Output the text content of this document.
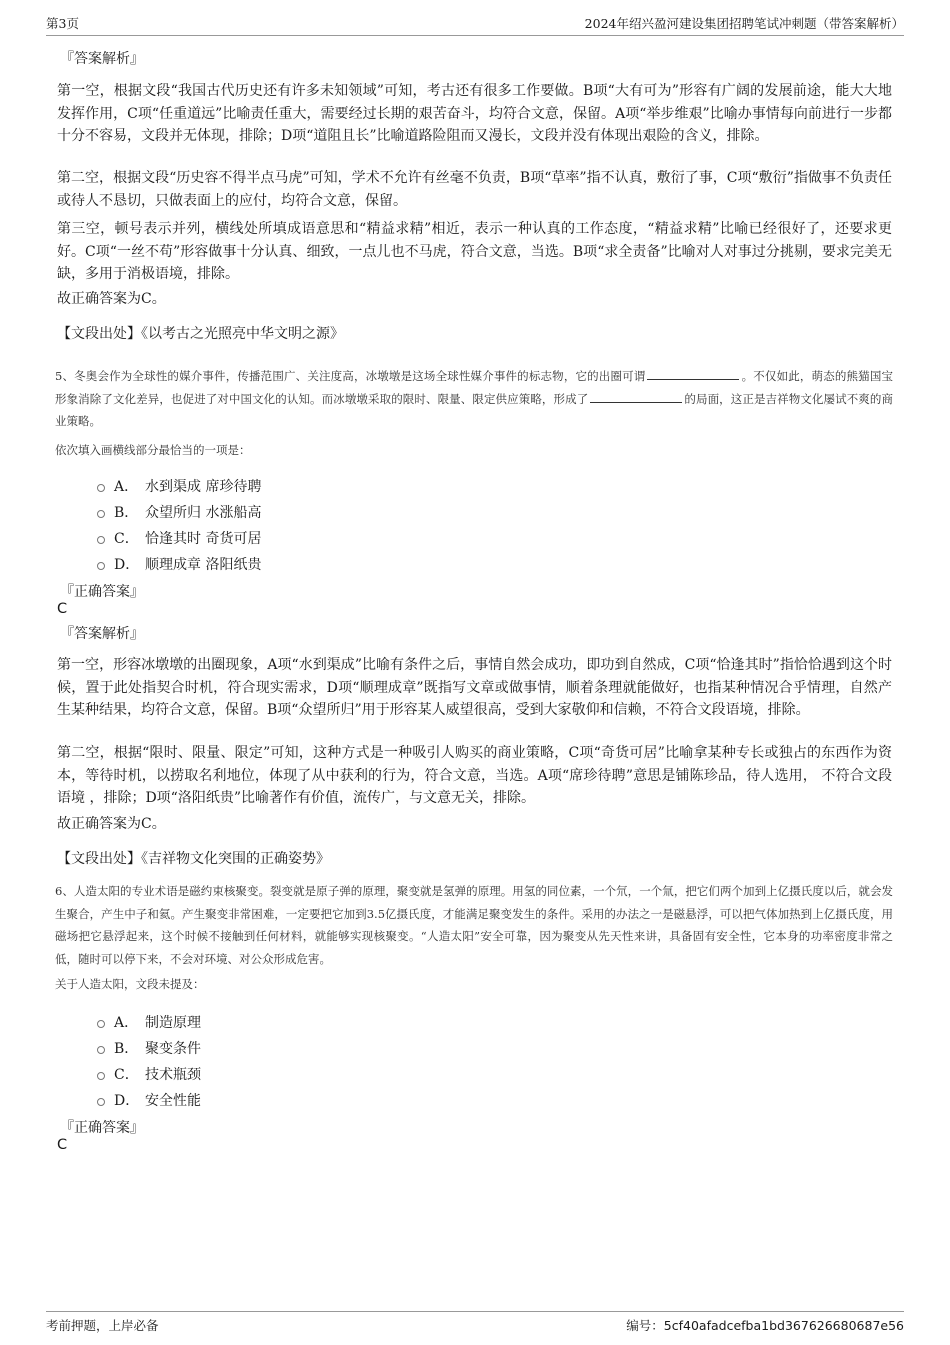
第3页	2024年绍兴盈河建设集团招聘笔试冲刺题（带答案解析）
『答案解析』

第一空，根据文段“我国古代历史还有许多未知领域”可知，考古还有很多工作要做。B项“大有可为”形容有广阔的发展前途，能大大地发挥作用，C项“任重道远”比喻责任重大，需要经过长期的艰苦奋斗，均符合文意，保留。A项“举步维艰”比喻办事情每向前进行一步都十分不容易，文段并无体现，排除；D项“道阻且长”比喻道路险阻而又漫长，文段并没有体现出艰险的含义，排除。

第二空，根据文段“历史容不得半点马虎”可知，学术不允许有丝毫不负责，B项“草率”指不认真，敷衍了事，C项“敷衍”指做事不负责任或待人不恳切，只做表面上的应付，均符合文意，保留。

第三空，顿号表示并列，横线处所填成语意思和“精益求精”相近，表示一种认真的工作态度，“精益求精”比喻已经很好了，还要求更好。C项“一丝不苟”形容做事十分认真、细致，一点儿也不马虎，符合文意，当选。B项“求全责备”比喻对人对事过分挑剔，要求完美无缺，多用于消极语境，排除。

故正确答案为C。
【文段出处】《以考古之光照亮中华文明之源》

5、冬奥会作为全球性的媒介事件，传播范围广、关注度高，冰墩墩是这场全球性媒介事件的标志物，它的出圈可谓	。不仅如此，萌态的熊猫国宝形象消除了文化差异，也促进了对中国文化的认知。而冰墩墩采取的限时、限量、限定供应策略，形成了	的局面，这正是吉祥物文化屡试不爽的商业策略。

依次填入画横线部分最恰当的一项是：
A． 水到渠成 席珍待聘
B． 众望所归 水涨船高
C． 恰逢其时 奇货可居
D． 顺理成章 洛阳纸贵
『正确答案』
C
『答案解析』

第一空，形容冰墩墩的出圈现象，A项“水到渠成”比喻有条件之后，事情自然会成功，即功到自然成，C项“恰逢其时”指恰恰遇到这个时候，置于此处指契合时机，符合现实需求，D项“顺理成章”既指写文章或做事情，顺着条理就能做好，也指某种情况合乎情理，自然产生某种结果，均符合文意，保留。B项“众望所归”用于形容某人威望很高，受到大家敬仰和信赖，不符合文段语境，排除。

第二空，根据“限时、限量、限定”可知，这种方式是一种吸引人购买的商业策略，C项“奇货可居”比喻拿某种专长或独占的东西作为资本，等待时机，以捞取名利地位，体现了从中获利的行为，符合文意，当选。A项“席珍待聘”意思是铺陈珍品，待人选用， 不符合文段语境 ，排除；D项“洛阳纸贵”比喻著作有价值，流传广，与文意无关，排除。

故正确答案为C。
【文段出处】《吉祥物文化突围的正确姿势》

6、人造太阳的专业术语是磁约束核聚变。裂变就是原子弹的原理，聚变就是氢弹的原理。用氢的同位素，一个氘，一个氚，把它们两个加到上亿摄氏度以后，就会发生聚合，产生中子和氦。产生聚变非常困难，一定要把它加到3.5亿摄氏度，才能满足聚变发生的条件。采用的办法之一是磁悬浮，可以把气体加热到上亿摄氏度，用磁场把它悬浮起来，这个时候不接触到任何材料，就能够实现核聚变。“人造太阳”安全可靠，因为聚变从先天性来讲，具备固有安全性，它本身的功率密度非常之低，随时可以停下来，不会对环境、对公众形成危害。

关于人造太阳，文段未提及：
A． 制造原理
B． 聚变条件
C． 技术瓶颈
D． 安全性能
『正确答案』
C
考前押题，上岸必备	编号：5cf40afadcefba1bd367626680687e56
